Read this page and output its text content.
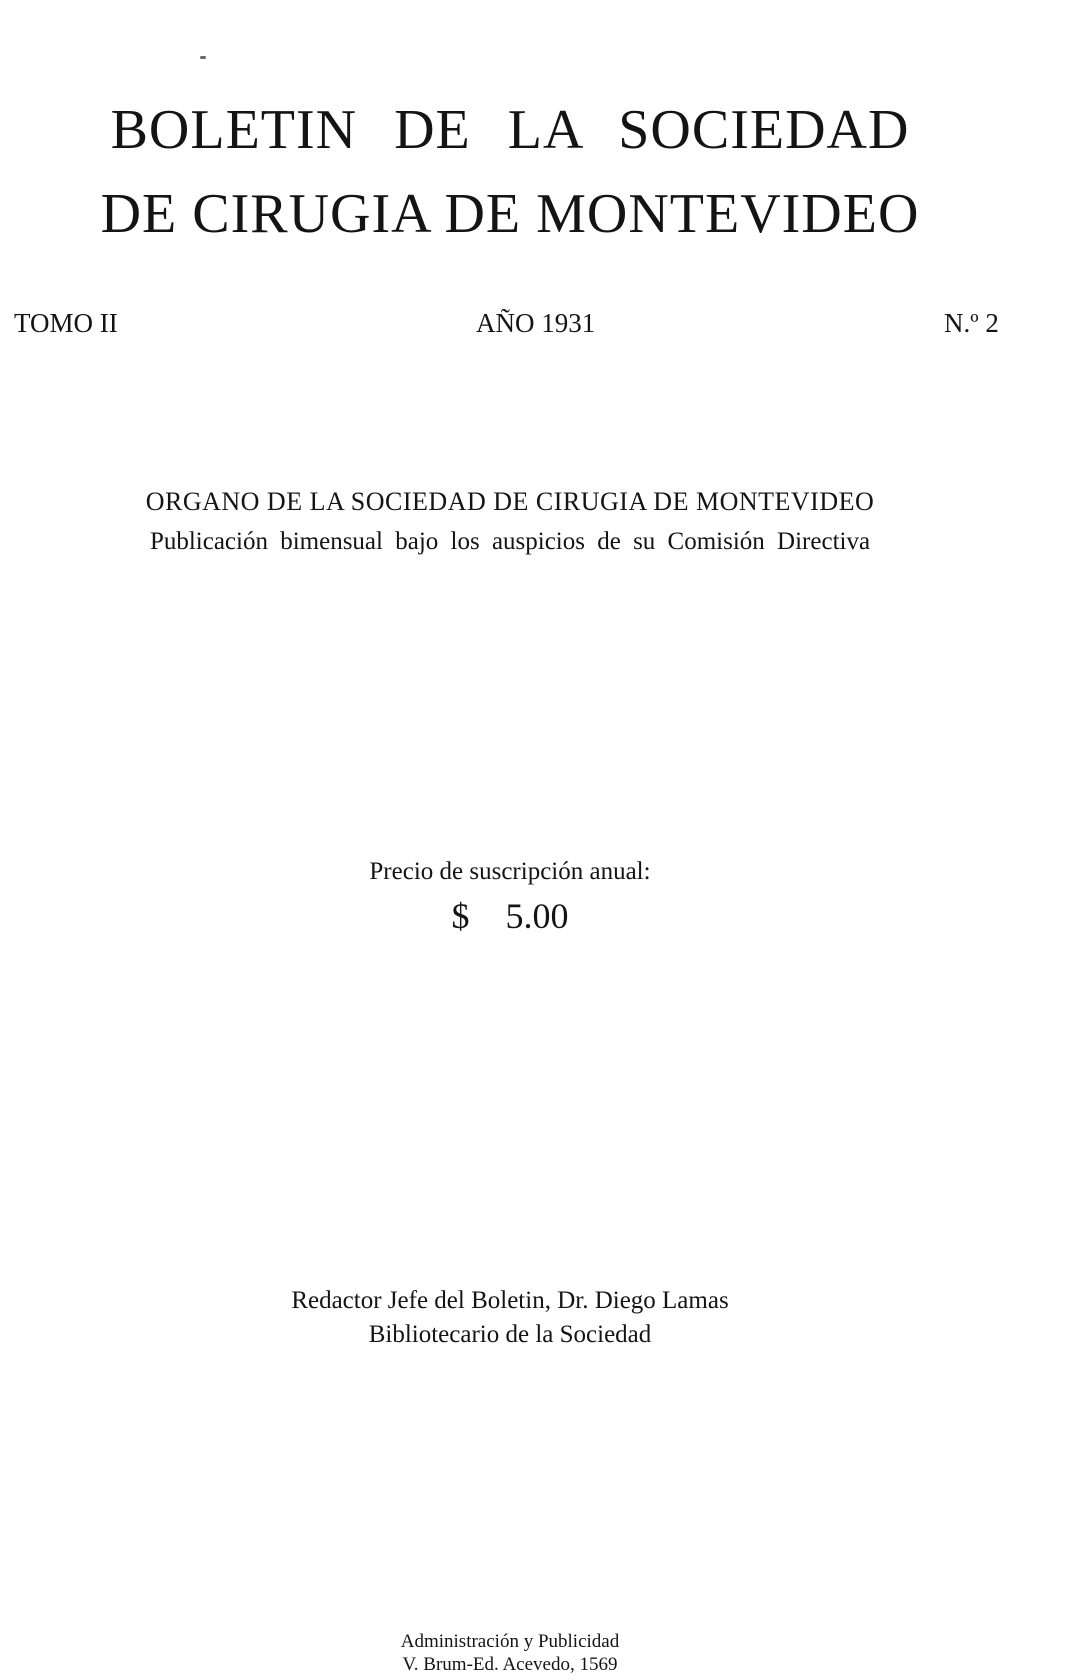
BOLETIN DE LA SOCIEDAD
DE CIRUGIA DE MONTEVIDEO
TOMO II	AÑO 1931	N.º 2
ORGANO DE LA SOCIEDAD DE CIRUGIA DE MONTEVIDEO
Publicación bimensual bajo los auspicios de su Comisión Directiva
Precio de suscripción anual:
$ 5.00
Redactor Jefe del Boletin, Dr. Diego Lamas
Bibliotecario de la Sociedad
Administración y Publicidad
V. Brum-Ed. Acevedo, 1569
